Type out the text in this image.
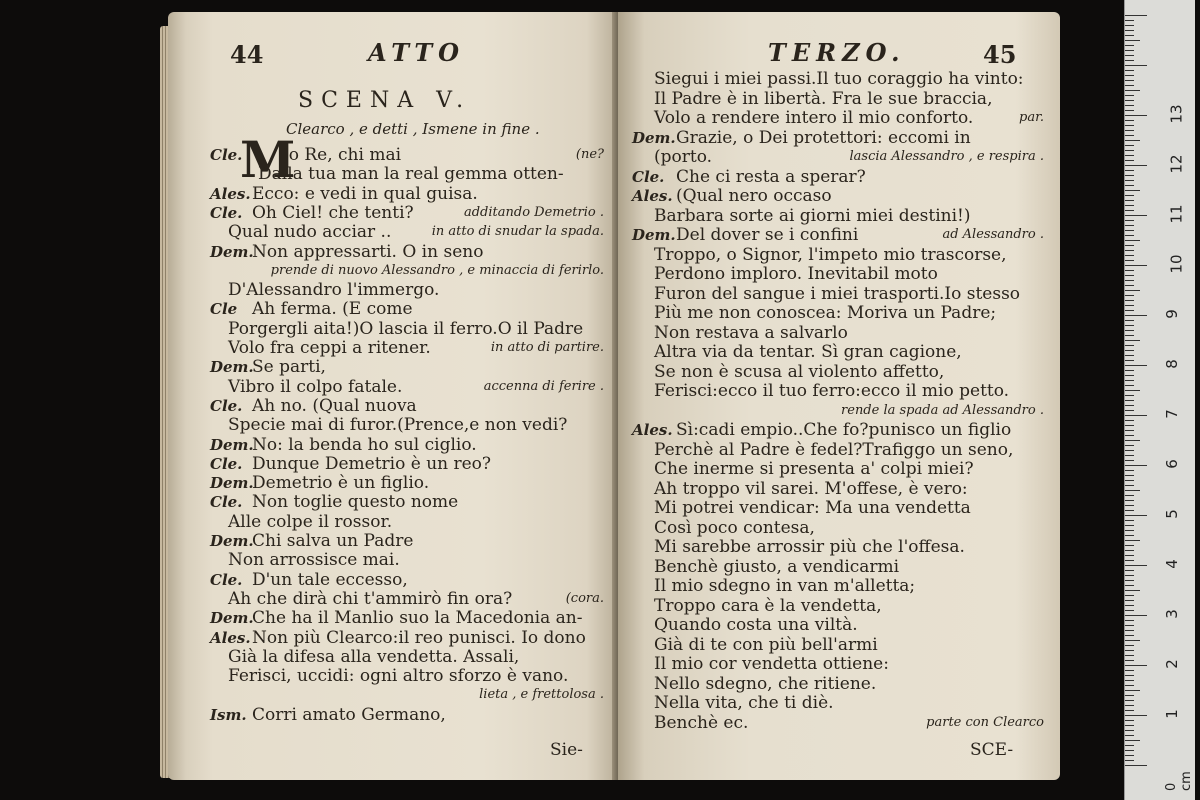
44	ATTO
SCENA V.
Clearco , e detti , Ismene in fine .
M
Cle. Io Re, chi mai	(ne?
Dalla tua man la real gemma otten-
Ales. Ecco: e vedi in qual guisa.
Cle. Oh Ciel! che tenti?	additando Demetrio .
Qual nudo acciar ..	in atto di snudar la spada.
Dem.
Non appressarti. O in seno
prende di nuovo Alessandro , e minaccia di ferirlo.
D'Alessandro l'immergo.
Cle Ah ferma. (E come
Porgergli aita!)O lascia il ferro.O il Padre
Volo fra ceppi a ritener.	in atto di partire.
Dem.
Se parti,
Vibro il colpo fatale.	accenna di ferire .
Cle. Ah no. (Qual nuova
Specie mai di furor.(Prence,e non vedi?
Dem.
No: la benda ho sul ciglio.
Cle. Dunque Demetrio è un reo?
Dem.
Demetrio è un figlio.
Cle. Non toglie questo nome
Alle colpe il rossor.
Dem.
Chi salva un Padre
Non arrossisce mai.
Cle. D'un tale eccesso,
Ah che dirà chi t'ammirò fin ora?	(cora.
Dem.
Che ha il Manlio suo la Macedonia an-
Ales. Non più Clearco:il reo punisci. Io dono
Già la difesa alla vendetta. Assali,
Ferisci, uccidi: ogni altro sforzo è vano.
lieta , e frettolosa .
Ism. Corri amato Germano,
Sie-
TERZO.	45
Siegui i miei passi.Il tuo coraggio ha vinto:
Il Padre è in libertà. Fra le sue braccia,
Volo a rendere intero il mio conforto.	par.
Dem. Grazie, o Dei protettori: eccomi in
(porto.	lascia Alessandro , e respira .
Cle. Che ci resta a sperar?
Ales. (Qual nero occaso
Barbara sorte ai giorni miei destini!)
Dem. Del dover se i confini	ad Alessandro .
Troppo, o Signor, l'impeto mio trascorse,
Perdono imploro. Inevitabil moto
Furon del sangue i miei trasporti.Io stesso
Più me non conoscea: Moriva un Padre;
Non restava a salvarlo
Altra via da tentar. Sì gran cagione,
Se non è scusa al violento affetto,
Ferisci:ecco il tuo ferro:ecco il mio petto.
rende la spada ad Alessandro .
Ales. Sì:cadi empio..Che fo?punisco un figlio
Perchè al Padre è fedel?Trafiggo un seno,
Che inerme si presenta a' colpi miei?
Ah troppo vil sarei. M'offese, è vero:
Mi potrei vendicar: Ma una vendetta
Così poco contesa,
Mi sarebbe arrossir più che l'offesa.
Benchè giusto, a vendicarmi
Il mio sdegno in van m'alletta;
Troppo cara è la vendetta,
Quando costa una viltà.
Già di te con più bell'armi
Il mio cor vendetta ottiene:
Nello sdegno, che ritiene.
Nella vita, che ti diè.
Benchè ec.	parte con Clearco
SCE-
0 cm
1
2
3
4
5
6
7
8
9
10
11
12
13
